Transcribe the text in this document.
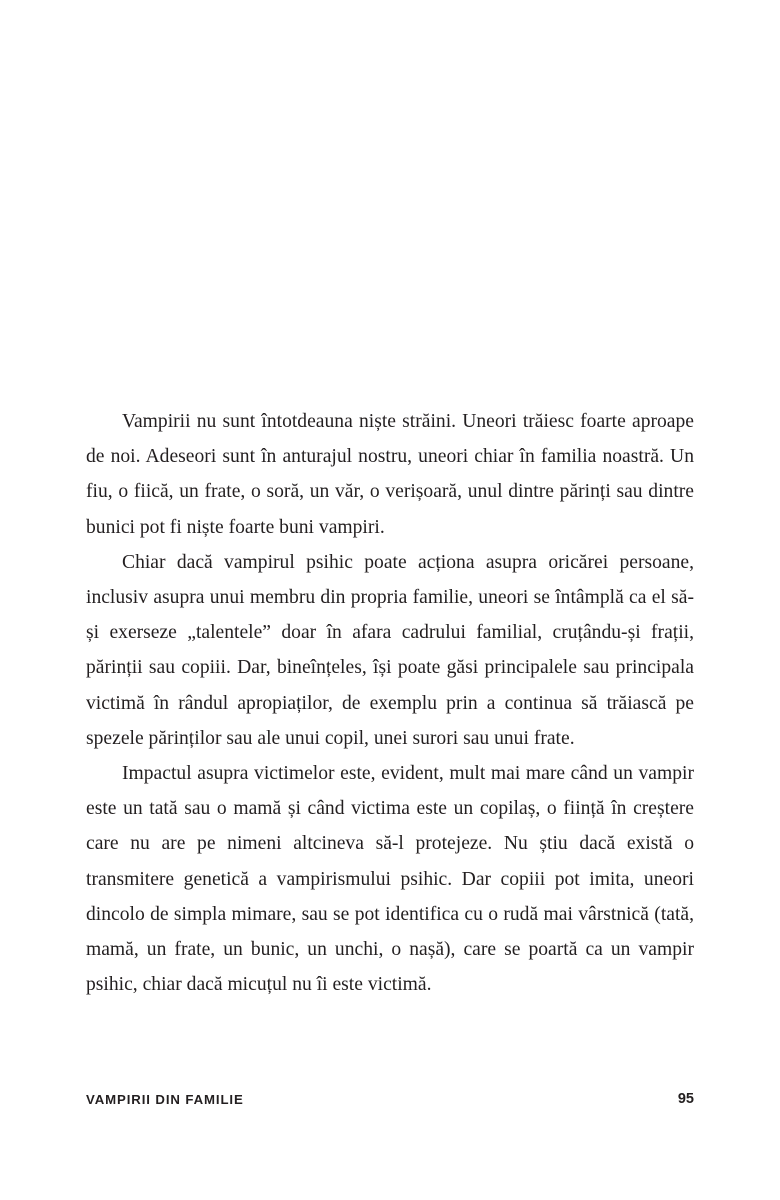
Vampirii nu sunt întotdeauna niște străini. Uneori trăiesc foarte aproape de noi. Adeseori sunt în anturajul nostru, uneori chiar în familia noastră. Un fiu, o fiică, un frate, o soră, un văr, o verișoară, unul dintre părinți sau dintre bunici pot fi niște foarte buni vampiri.

Chiar dacă vampirul psihic poate acționa asupra oricărei persoane, inclusiv asupra unui membru din propria familie, uneori se întâmplă ca el să-și exerseze „talentele” doar în afara cadrului familial, cruțându-și frații, părinții sau copiii. Dar, bineînțeles, își poate găsi principalele sau principala victimă în rândul apropiaților, de exemplu prin a continua să trăiască pe spezele părinților sau ale unui copil, unei surori sau unui frate.

Impactul asupra victimelor este, evident, mult mai mare când un vampir este un tată sau o mamă și când victima este un copilaș, o ființă în creștere care nu are pe nimeni altcineva să-l protejeze. Nu știu dacă există o transmitere genetică a vampirismului psihic. Dar copiii pot imita, uneori dincolo de simpla mimare, sau se pot identifica cu o rudă mai vârstnică (tată, mamă, un frate, un bunic, un unchi, o nașă), care se poartă ca un vampir psihic, chiar dacă micuțul nu îi este victimă.

VAMPIRII DIN FAMILIE	95
